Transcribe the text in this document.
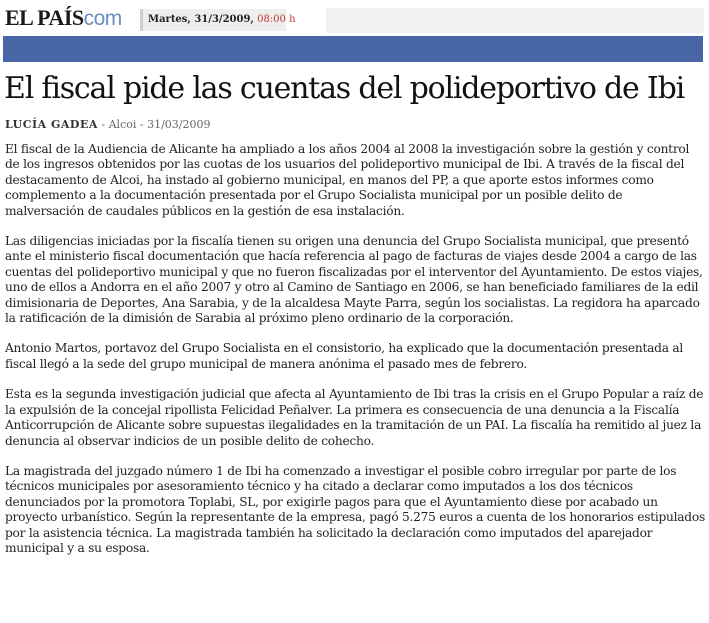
EL PAÍScom	Martes, 31/3/2009, 08:00 h
El fiscal pide las cuentas del polideportivo de Ibi
LUCÍA GADEA - Alcoi - 31/03/2009

El fiscal de la Audiencia de Alicante ha ampliado a los años 2004 al 2008 la investigación sobre la gestión y control de los ingresos obtenidos por las cuotas de los usuarios del polideportivo municipal de Ibi. A través de la fiscal del destacamento de Alcoi, ha instado al gobierno municipal, en manos del PP, a que aporte estos informes como complemento a la documentación presentada por el Grupo Socialista municipal por un posible delito de malversación de caudales públicos en la gestión de esa instalación.

Las diligencias iniciadas por la fiscalía tienen su origen una denuncia del Grupo Socialista municipal, que presentó ante el ministerio fiscal documentación que hacía referencia al pago de facturas de viajes desde 2004 a cargo de las cuentas del polideportivo municipal y que no fueron fiscalizadas por el interventor del Ayuntamiento. De estos viajes, uno de ellos a Andorra en el año 2007 y otro al Camino de Santiago en 2006, se han beneficiado familiares de la edil dimisionaria de Deportes, Ana Sarabia, y de la alcaldesa Mayte Parra, según los socialistas. La regidora ha aparcado la ratificación de la dimisión de Sarabia al próximo pleno ordinario de la corporación.

Antonio Martos, portavoz del Grupo Socialista en el consistorio, ha explicado que la documentación presentada al fiscal llegó a la sede del grupo municipal de manera anónima el pasado mes de febrero.

Esta es la segunda investigación judicial que afecta al Ayuntamiento de Ibi tras la crisis en el Grupo Popular a raíz de la expulsión de la concejal ripollista Felicidad Peñalver. La primera es consecuencia de una denuncia a la Fiscalía Anticorrupción de Alicante sobre supuestas ilegalidades en la tramitación de un PAI. La fiscalía ha remitido al juez la denuncia al observar indicios de un posible delito de cohecho.

La magistrada del juzgado número 1 de Ibi ha comenzado a investigar el posible cobro irregular por parte de los técnicos municipales por asesoramiento técnico y ha citado a declarar como imputados a los dos técnicos denunciados por la promotora Toplabi, SL, por exigirle pagos para que el Ayuntamiento diese por acabado un proyecto urbanístico. Según la representante de la empresa, pagó 5.275 euros a cuenta de los honorarios estipulados por la asistencia técnica. La magistrada también ha solicitado la declaración como imputados del aparejador municipal y a su esposa.
